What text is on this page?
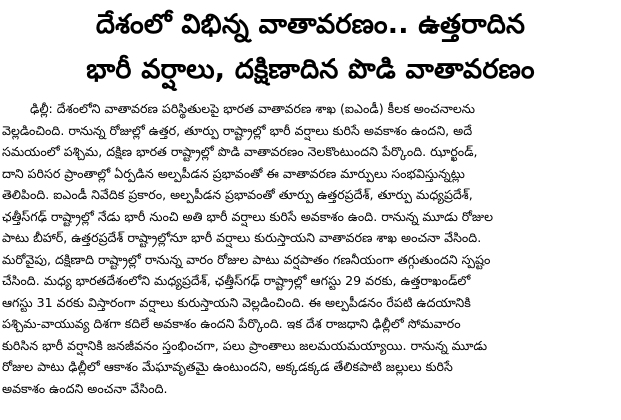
దేశంలో విభిన్న వాతావరణం.. ఉత్తరాదిన
భారీ వర్షాలు, దక్షిణాదిన పొడి వాతావరణం
ఢిల్లీ: దేశంలోని వాతావరణ పరిస్థితులపై భారత వాతావరణ శాఖ (ఐఎండీ) కీలక అంచనాలను
వెల్లడించింది. రానున్న రోజుల్లో ఉత్తర, తూర్పు రాష్ట్రాల్లో భారీ వర్షాలు కురిసే అవకాశం ఉందని, అదే
సమయంలో పశ్చిమ, దక్షిణ భారత రాష్ట్రాల్లో పొడి వాతావరణం నెలకొంటుందని పేర్కొంది. ఝార్ఖండ్,
దాని పరిసర ప్రాంతాల్లో ఏర్పడిన అల్పపీడన ప్రభావంతో ఈ వాతావరణ మార్పులు సంభవిస్తున్నట్లు
తెలిపింది. ఐఎండీ నివేదిక ప్రకారం, అల్పపీడన ప్రభావంతో తూర్పు ఉత్తరప్రదేశ్, తూర్పు మధ్యప్రదేశ్,
ఛత్తీస్‌గఢ్ రాష్ట్రాల్లో నేడు భారీ నుంచి అతి భారీ వర్షాలు కురిసే అవకాశం ఉంది. రానున్న మూడు రోజుల
పాటు బీహార్, ఉత్తరప్రదేశ్ రాష్ట్రాల్లోనూ భారీ వర్షాలు కురుస్తాయని వాతావరణ శాఖ అంచనా వేసింది.
మరోవైపు, దక్షిణాది రాష్ట్రాల్లో రానున్న వారం రోజుల పాటు వర్షపాతం గణనీయంగా తగ్గుతుందని స్పష్టం
చేసింది. మధ్య భారతదేశంలోని మధ్యప్రదేశ్, ఛత్తీస్‌గఢ్ రాష్ట్రాల్లో ఆగస్టు 29 వరకు, ఉత్తరాఖండ్‌లో
ఆగస్టు 31 వరకు విస్తారంగా వర్షాలు కురుస్తాయని వెల్లడించింది. ఈ అల్పపీడనం రేపటి ఉదయానికి
పశ్చిమ-వాయువ్య దిశగా కదిలే అవకాశం ఉందని పేర్కొంది. ఇక దేశ రాజధాని ఢిల్లీలో సోమవారం
కురిసిన భారీ వర్షానికి జనజీవనం స్తంభించగా, పలు ప్రాంతాలు జలమయమయ్యాయి. రానున్న మూడు
రోజుల పాటు ఢిల్లీలో ఆకాశం మేఘావృతమై ఉంటుందని, అక్కడక్కడ తేలికపాటి జల్లులు కురిసే
అవకాశం ఉందని అంచనా వేసింది.
